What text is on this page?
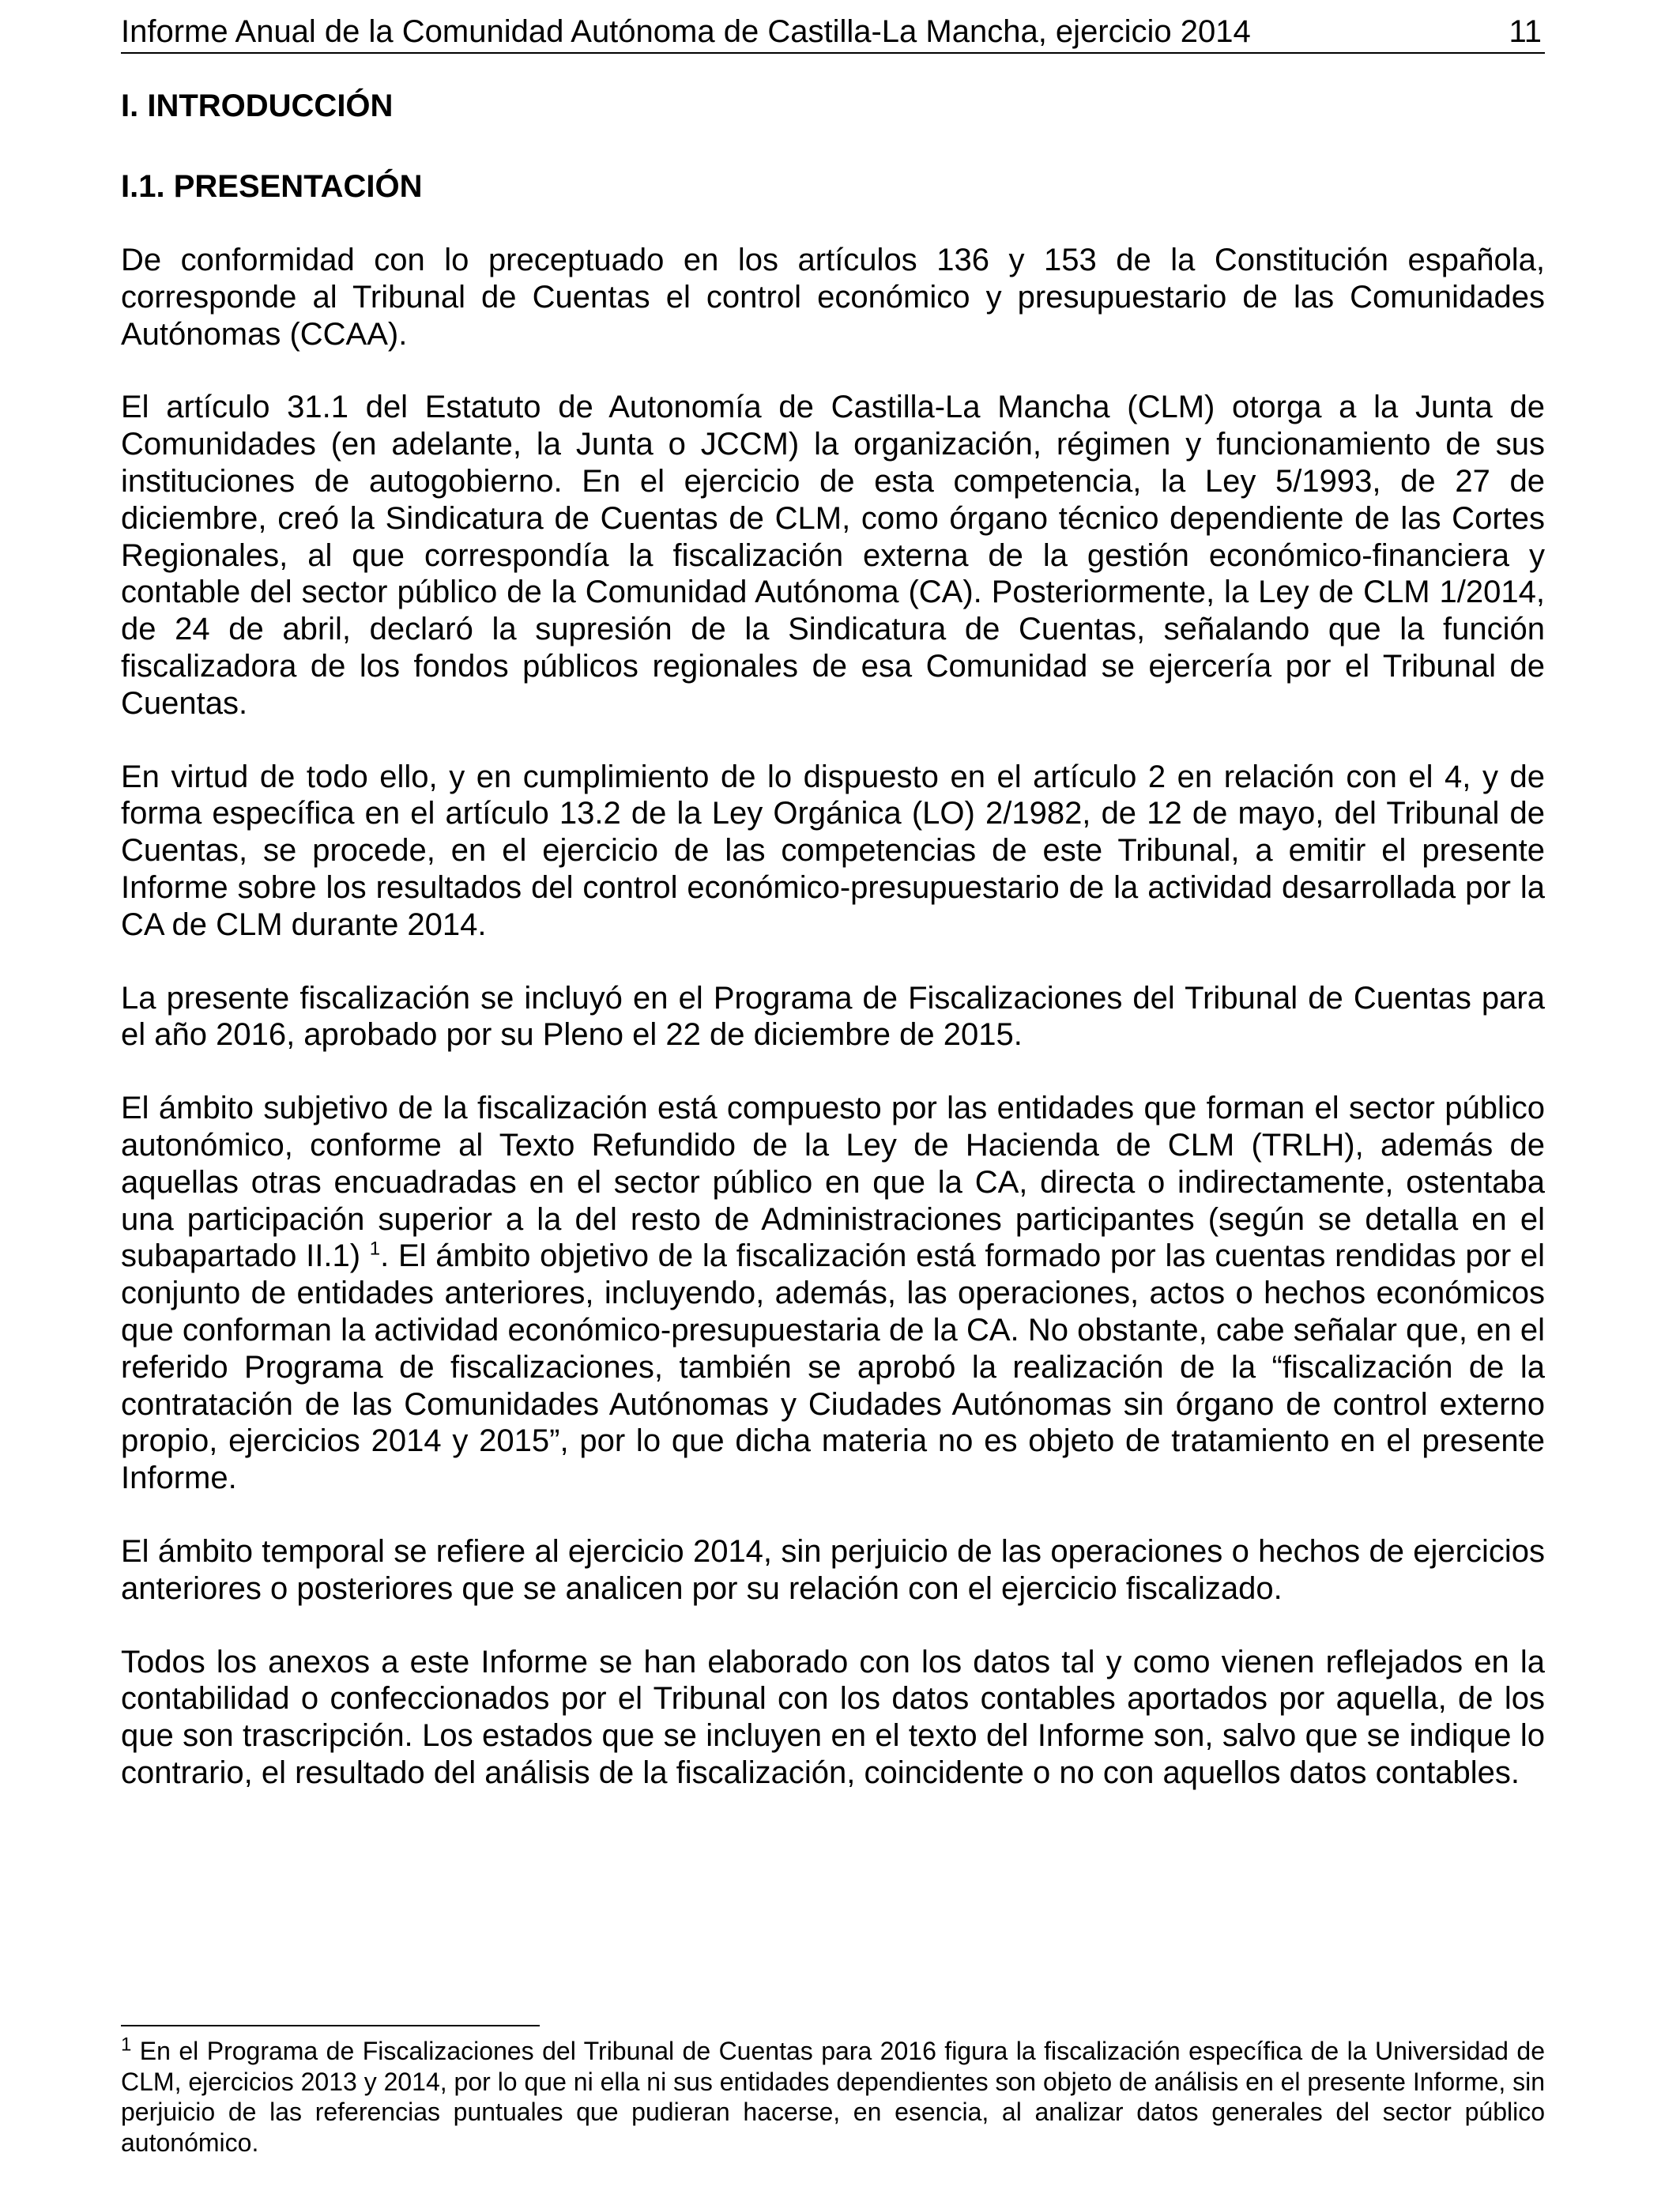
Informe Anual de la Comunidad Autónoma de Castilla-La Mancha, ejercicio 2014	11
I. INTRODUCCIÓN
I.1. PRESENTACIÓN

De conformidad con lo preceptuado en los artículos 136 y 153 de la Constitución española, corresponde al Tribunal de Cuentas el control económico y presupuestario de las Comunidades Autónomas (CCAA).

El artículo 31.1 del Estatuto de Autonomía de Castilla-La Mancha (CLM) otorga a la Junta de Comunidades (en adelante, la Junta o JCCM) la organización, régimen y funcionamiento de sus instituciones de autogobierno. En el ejercicio de esta competencia, la Ley 5/1993, de 27 de diciembre, creó la Sindicatura de Cuentas de CLM, como órgano técnico dependiente de las Cortes Regionales, al que correspondía la fiscalización externa de la gestión económico-financiera y contable del sector público de la Comunidad Autónoma (CA). Posteriormente, la Ley de CLM 1/2014, de 24 de abril, declaró la supresión de la Sindicatura de Cuentas, señalando que la función fiscalizadora de los fondos públicos regionales de esa Comunidad se ejercería por el Tribunal de Cuentas.

En virtud de todo ello, y en cumplimiento de lo dispuesto en el artículo 2 en relación con el 4, y de forma específica en el artículo 13.2 de la Ley Orgánica (LO) 2/1982, de 12 de mayo, del Tribunal de Cuentas, se procede, en el ejercicio de las competencias de este Tribunal, a emitir el presente Informe sobre los resultados del control económico-presupuestario de la actividad desarrollada por la CA de CLM durante 2014.

La presente fiscalización se incluyó en el Programa de Fiscalizaciones del Tribunal de Cuentas para el año 2016, aprobado por su Pleno el 22 de diciembre de 2015.

El ámbito subjetivo de la fiscalización está compuesto por las entidades que forman el sector público autonómico, conforme al Texto Refundido de la Ley de Hacienda de CLM (TRLH), además de aquellas otras encuadradas en el sector público en que la CA, directa o indirectamente, ostentaba una participación superior a la del resto de Administraciones participantes (según se detalla en el subapartado II.1) $^1$. El ámbito objetivo de la fiscalización está formado por las cuentas rendidas por el conjunto de entidades anteriores, incluyendo, además, las operaciones, actos o hechos económicos que conforman la actividad económico-presupuestaria de la CA. No obstante, cabe señalar que, en el referido Programa de fiscalizaciones, también se aprobó la realización de la “fiscalización de la contratación de las Comunidades Autónomas y Ciudades Autónomas sin órgano de control externo propio, ejercicios 2014 y 2015”, por lo que dicha materia no es objeto de tratamiento en el presente Informe.

El ámbito temporal se refiere al ejercicio 2014, sin perjuicio de las operaciones o hechos de ejercicios anteriores o posteriores que se analicen por su relación con el ejercicio fiscalizado.

Todos los anexos a este Informe se han elaborado con los datos tal y como vienen reflejados en la contabilidad o confeccionados por el Tribunal con los datos contables aportados por aquella, de los que son trascripción. Los estados que se incluyen en el texto del Informe son, salvo que se indique lo contrario, el resultado del análisis de la fiscalización, coincidente o no con aquellos datos contables.

$^1$ En el Programa de Fiscalizaciones del Tribunal de Cuentas para 2016 figura la fiscalización específica de la Universidad de CLM, ejercicios 2013 y 2014, por lo que ni ella ni sus entidades dependientes son objeto de análisis en el presente Informe, sin perjuicio de las referencias puntuales que pudieran hacerse, en esencia, al analizar datos generales del sector público autonómico.
